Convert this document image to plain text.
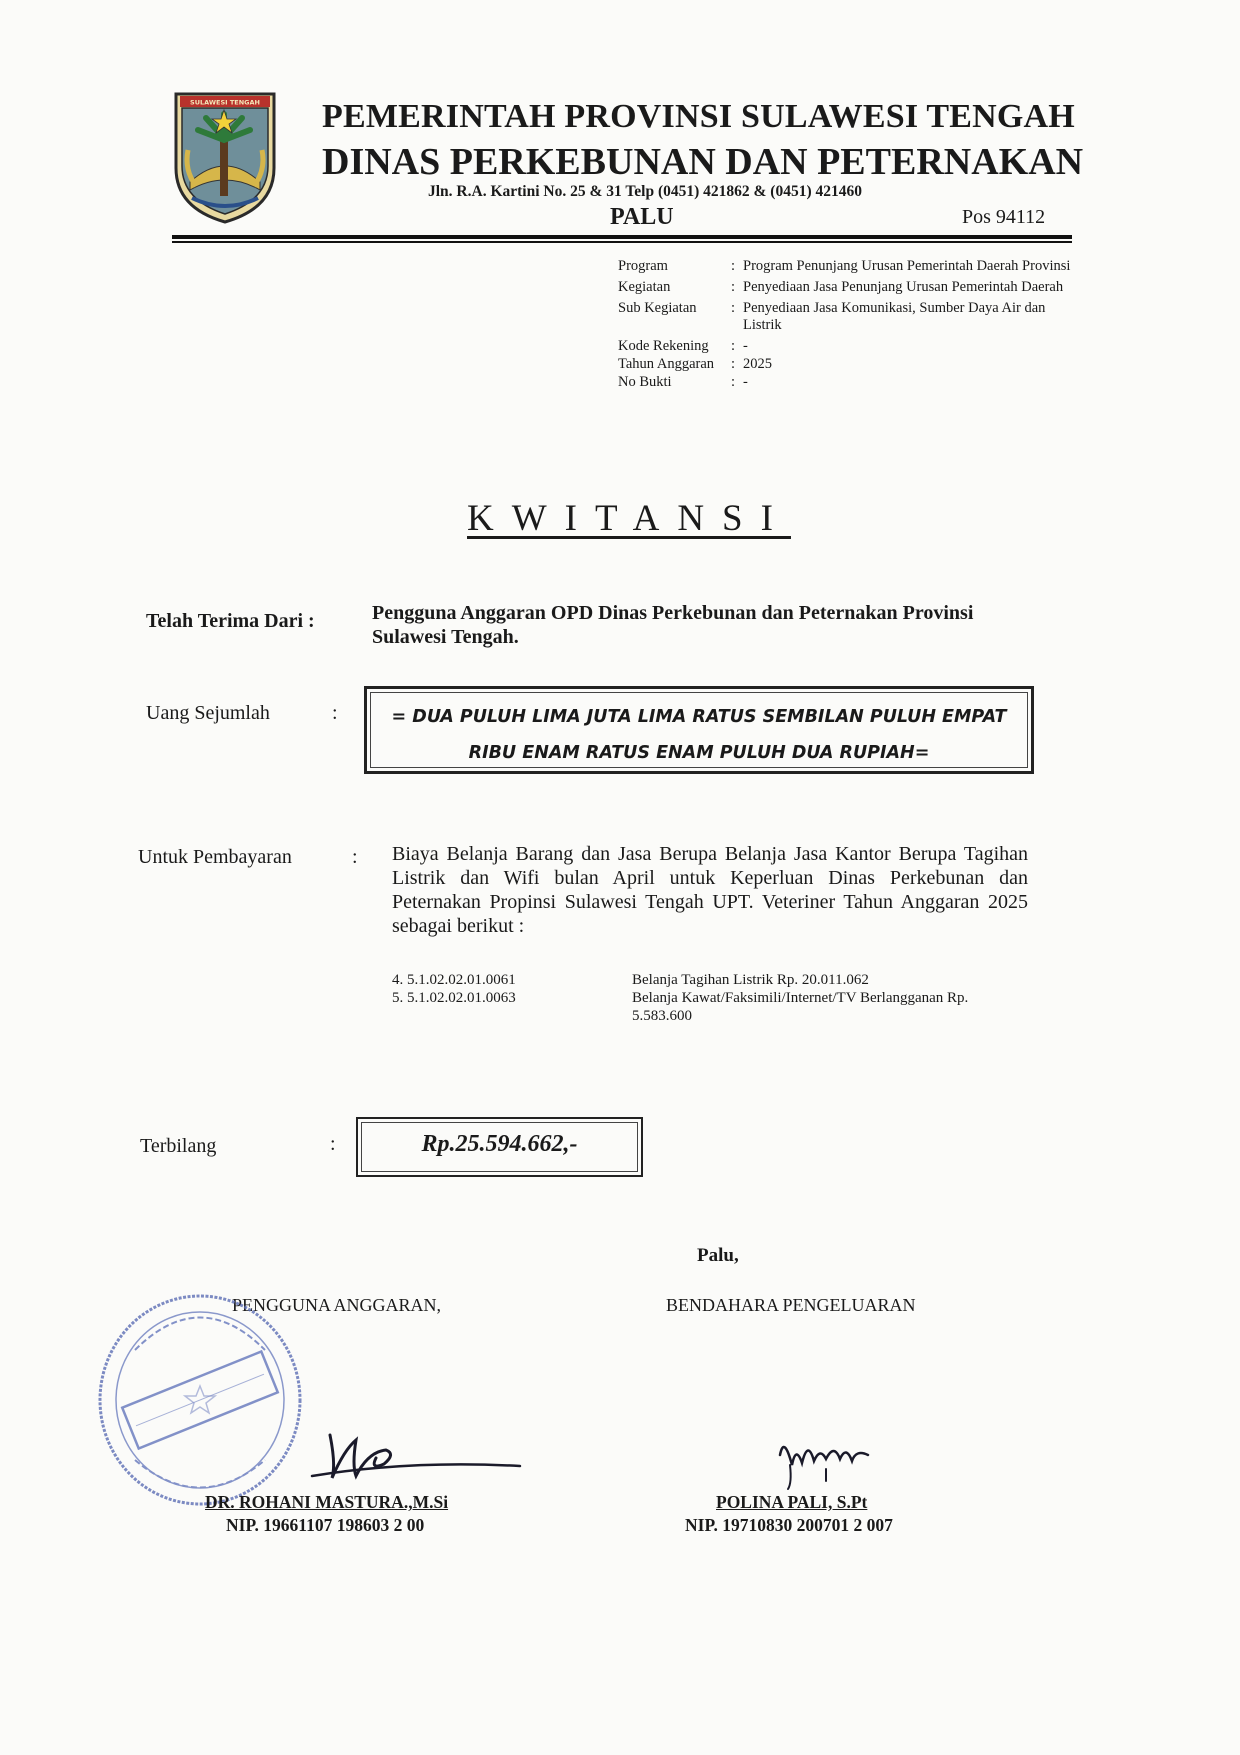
SULAWESI TENGAH PEMERINTAH PROVINSI SULAWESI TENGAH
DINAS PERKEBUNAN DAN PETERNAKAN
Jln. R.A. Kartini No. 25 & 31 Telp (0451) 421862 & (0451) 421460
PALU	Pos 94112
Program	: Program Penunjang Urusan Pemerintah Daerah Provinsi
Kegiatan	: Penyediaan Jasa Penunjang Urusan Pemerintah Daerah
Sub Kegiatan	: Penyediaan Jasa Komunikasi, Sumber Daya Air dan Listrik
Kode Rekening	: -
Tahun Anggaran	: 2025
No Bukti	: -
KWITANSI
Telah Terima Dari :	Pengguna Anggaran OPD Dinas Perkebunan dan Peternakan Provinsi Sulawesi Tengah.
Uang Sejumlah	:	= DUA PULUH LIMA JUTA LIMA RATUS SEMBILAN PULUH EMPAT
RIBU ENAM RATUS ENAM PULUH DUA RUPIAH=
Untuk Pembayaran	: Biaya Belanja Barang dan Jasa Berupa Belanja Jasa Kantor Berupa Tagihan Listrik dan Wifi bulan April untuk Keperluan Dinas Perkebunan dan Peternakan Propinsi Sulawesi Tengah UPT. Veteriner Tahun Anggaran 2025 sebagai berikut :
4. 5.1.02.02.01.0061	Belanja Tagihan Listrik Rp. 20.011.062
5. 5.1.02.02.01.0063	Belanja Kawat/Faksimili/Internet/TV Berlangganan Rp. 5.583.600
Terbilang	:	Rp.25.594.662,-
Palu,
PENGGUNA ANGGARAN,	BENDAHARA PENGELUARAN
DR. ROHANI MASTURA.,M.Si
NIP. 19661107 198603 2 00
POLINA PALI, S.Pt
NIP. 19710830 200701 2 007
